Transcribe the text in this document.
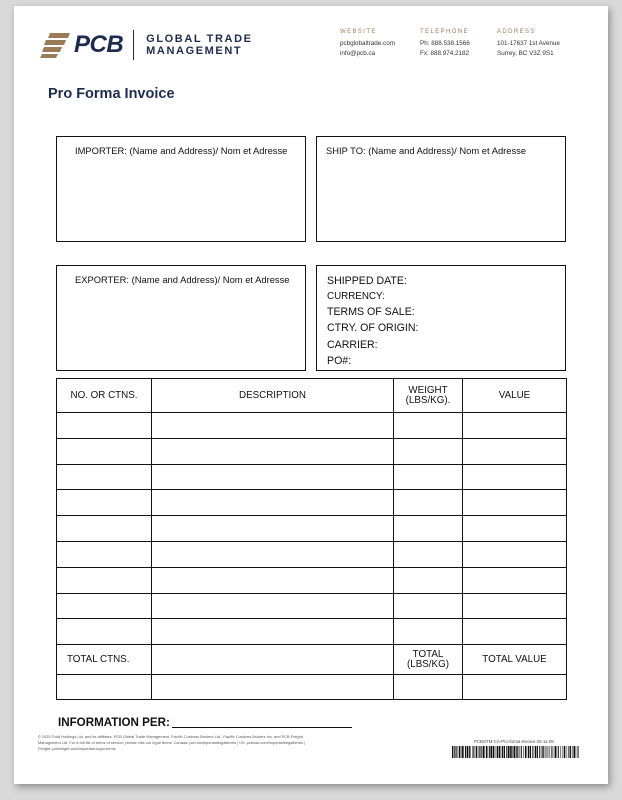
PCB GLOBAL TRADE
MANAGEMENT
WEBSITE
pcbglobaltrade.com
info@pcb.ca
TELEPHONE
Ph: 888.538.1566
Fx: 888.974.2182
ADDRESS
101-17637 1st Avenue
Surrey, BC V3Z 9S1
Pro Forma Invoice
IMPORTER: (Name and Address)/ Nom et Adresse	SHIP TO: (Name and Address)/ Nom et Adresse
EXPORTER: (Name and Address)/ Nom et Adresse	SHIPPED DATE:
CURRENCY:
TERMS OF SALE:
CTRY. OF ORIGIN:
CARRIER:
PO#:
NO. OR CTNS.	DESCRIPTION	WEIGHT
(LBS/KG).	VALUE

TOTAL CTNS.		TOTAL
(LBS/KG)	TOTAL VALUE

INFORMATION PER:
© 2025 Todd Holdings Ltd. and its affiliates. PCB Global Trade Management, Pacific Customs Brokers Ltd., Pacific Customs Brokers Inc. and PCB Freight
Management Ltd. For a full list of terms of service, please visit our legal terms: Canada: pcb.ca/importantlegalterms | US: pcbusa.com/importantlegalterms |
Freight: pcbfreight.com/important-legal-terms
PCBGTM-CA-Pro-forma-Invoice-25-11-05
